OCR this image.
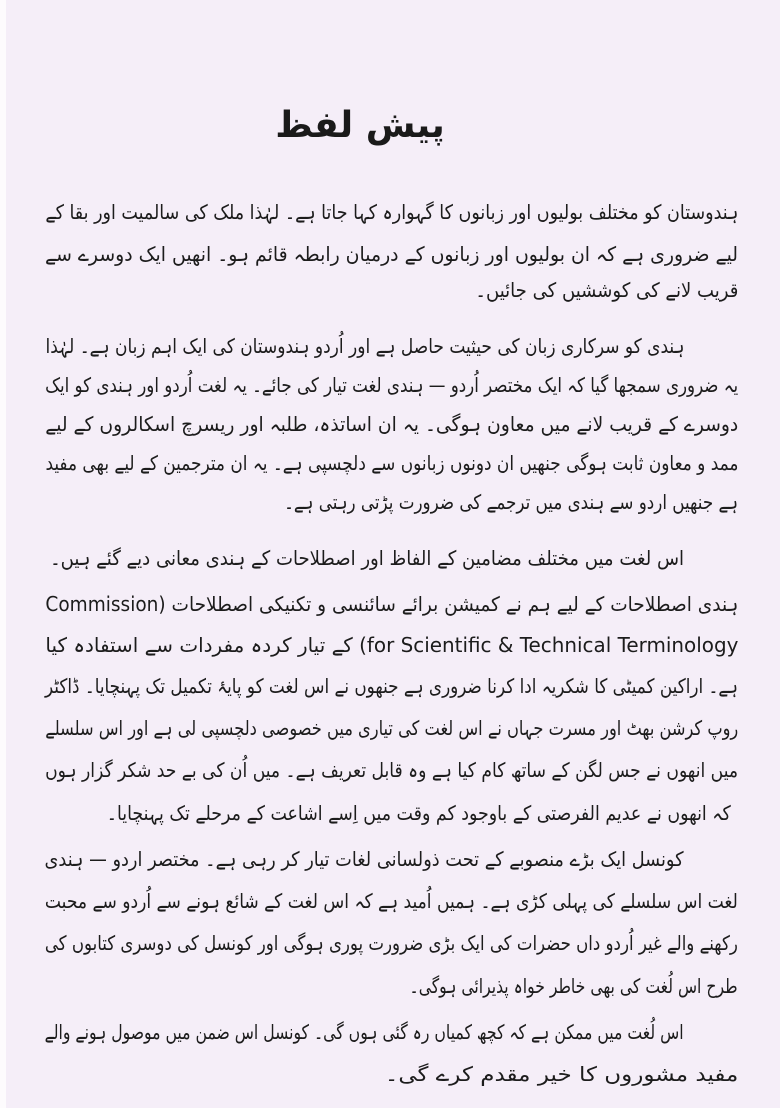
پیش لفظ
ہندوستان کو مختلف بولیوں اور زبانوں کا گہوارہ کہا جاتا ہے۔ لہٰذا ملک کی سالمیت اور بقا کے
لیے ضروری ہے کہ ان بولیوں اور زبانوں کے درمیان رابطہ قائم ہو۔ انھیں ایک دوسرے سے
قریب لانے کی کوششیں کی جائیں۔
ہندی کو سرکاری زبان کی حیثیت حاصل ہے اور اُردو ہندوستان کی ایک اہم زبان ہے۔ لہٰذا
یہ ضروری سمجھا گیا کہ ایک مختصر اُردو — ہندی لغت تیار کی جائے۔ یہ لغت اُردو اور ہندی کو ایک
دوسرے کے قریب لانے میں معاون ہوگی۔ یہ ان اساتذہ، طلبہ اور ریسرچ اسکالروں کے لیے
ممد و معاون ثابت ہوگی جنھیں ان دونوں زبانوں سے دلچسپی ہے۔ یہ ان مترجمین کے لیے بھی مفید
ہے جنھیں اردو سے ہندی میں ترجمے کی ضرورت پڑتی رہتی ہے۔
اس لغت میں مختلف مضامین کے الفاظ اور اصطلاحات کے ہندی معانی دیے گئے ہیں۔
ہندی اصطلاحات کے لیے ہم نے کمیشن برائے سائنسی و تکنیکی اصطلاحات (Commission
for Scientific & Technical Terminology) کے تیار کردہ مفردات سے استفادہ کیا
ہے۔ اراکین کمیٹی کا شکریہ ادا کرنا ضروری ہے جنھوں نے اس لغت کو پایۂ تکمیل تک پہنچایا۔ ڈاکٹر
روپ کرشن بھٹ اور مسرت جہاں نے اس لغت کی تیاری میں خصوصی دلچسپی لی ہے اور اس سلسلے
میں انھوں نے جس لگن کے ساتھ کام کیا ہے وہ قابل تعریف ہے۔ میں اُن کی بے حد شکر گزار ہوں
کہ انھوں نے عدیم الفرصتی کے باوجود کم وقت میں اِسے اشاعت کے مرحلے تک پہنچایا۔
کونسل ایک بڑے منصوبے کے تحت ذولسانی لغات تیار کر رہی ہے۔ مختصر اردو — ہندی
لغت اس سلسلے کی پہلی کڑی ہے۔ ہمیں اُمید ہے کہ اس لغت کے شائع ہونے سے اُردو سے محبت
رکھنے والے غیر اُردو داں حضرات کی ایک بڑی ضرورت پوری ہوگی اور کونسل کی دوسری کتابوں کی
طرح اس لُغت کی بھی خاطر خواہ پذیرائی ہوگی۔
اس لُغت میں ممکن ہے کہ کچھ کمیاں رہ گئی ہوں گی۔ کونسل اس ضمن میں موصول ہونے والے
مفید مشوروں کا خیر مقدم کرے گی۔
